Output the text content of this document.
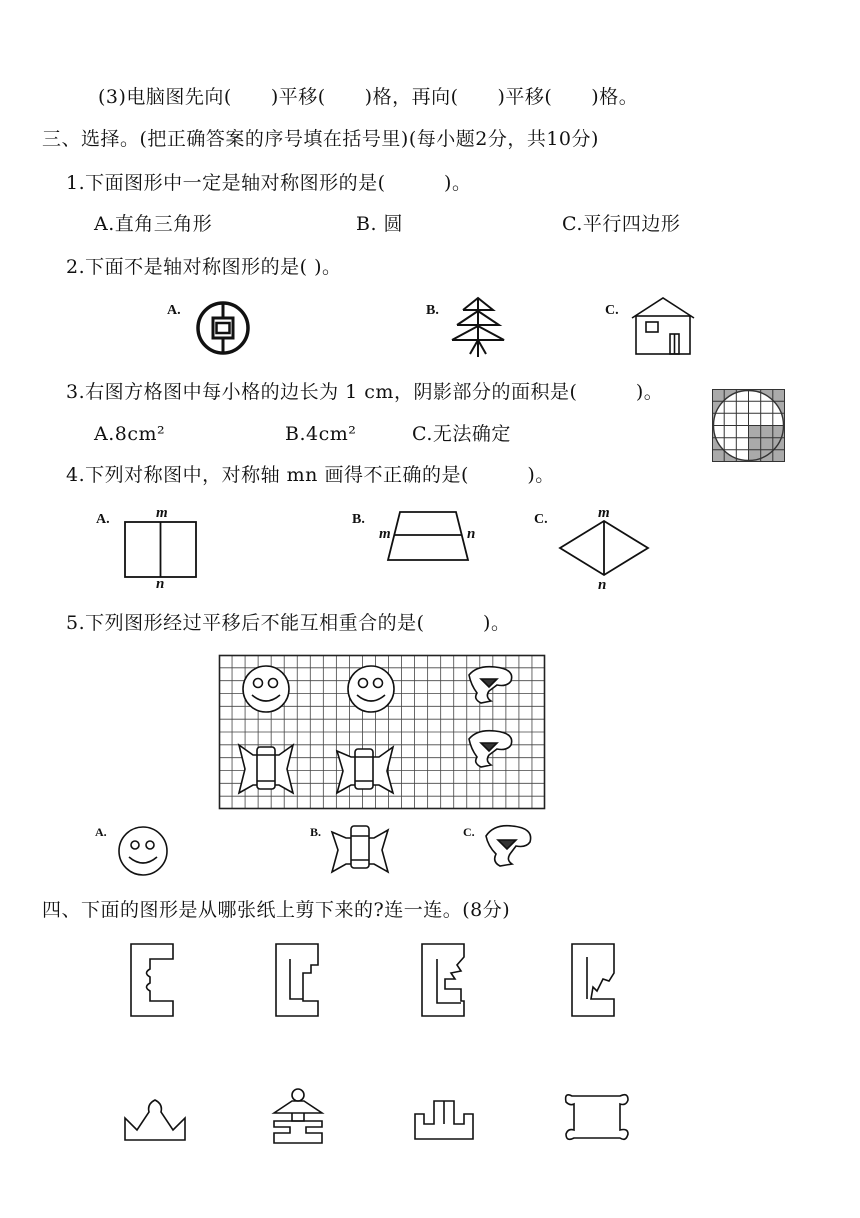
(3)电脑图先向(　　)平移(　　)格，再向(　　)平移(　　)格。
三、选择。(把正确答案的序号填在括号里)(每小题2分，共10分)
1.下面图形中一定是轴对称图形的是(　　　)。
A.直角三角形	B. 圆	C.平行四边形
2.下面不是轴对称图形的是( )。
A.	B.	C.
3.右图方格图中每小格的边长为 1 cm，阴影部分的面积是(　　　)。
A.8cm²	B.4cm²	C.无法确定
4.下列对称图中，对称轴 mn 画得不正确的是(　　　)。
A.	m
n
B.
m	n
C.	m
n
5.下列图形经过平移后不能互相重合的是(　　　)。
A.	B.	C.
四、下面的图形是从哪张纸上剪下来的?连一连。(8分)
